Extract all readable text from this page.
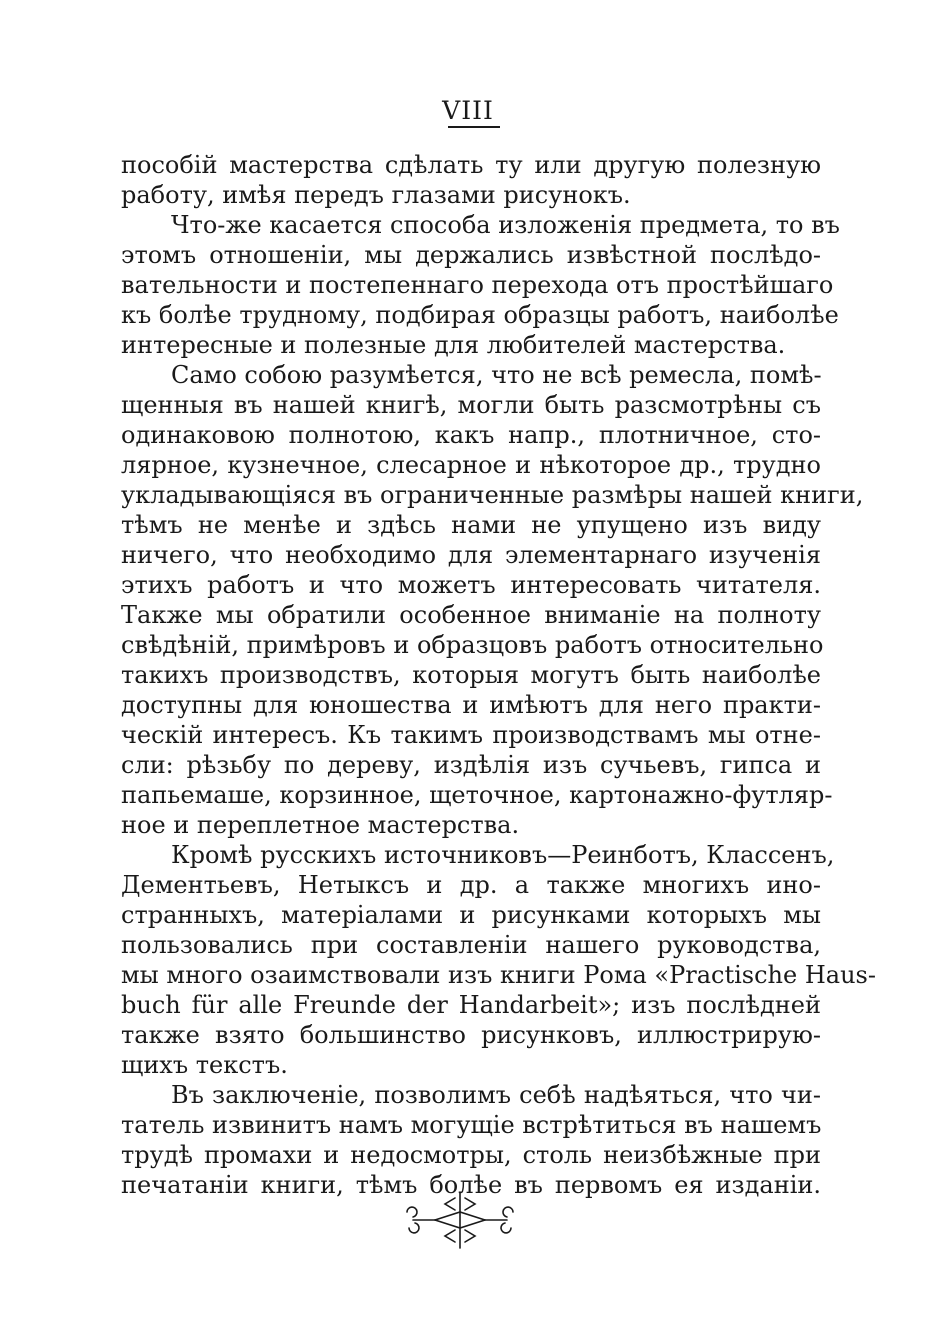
VIII
пособій мастерства сдѣлать ту или другую полезную
работу, имѣя передъ глазами рисунокъ.
Что-же касается способа изложенія предмета, то въ
этомъ отношеніи, мы держались извѣстной послѣдо-
вательности и постепеннаго перехода отъ простѣйшаго
къ болѣе трудному, подбирая образцы работъ, наиболѣе
интересные и полезные для любителей мастерства.
Само собою разумѣется, что не всѣ ремесла, помѣ-
щенныя въ нашей книгѣ, могли быть разсмотрѣны съ
одинаковою полнотою, какъ напр., плотничное, сто-
лярное, кузнечное, слесарное и нѣкоторое др., трудно
укладывающіяся въ ограниченные размѣры нашей книги,
тѣмъ не менѣе и здѣсь нами не упущено изъ виду
ничего, что необходимо для элементарнаго изученія
этихъ работъ и что можетъ интересовать читателя.
Также мы обратили особенное вниманіе на полноту
свѣдѣній, примѣровъ и образцовъ работъ относительно
такихъ производствъ, которыя могутъ быть наиболѣе
доступны для юношества и имѣютъ для него практи-
ческій интересъ. Къ такимъ производствамъ мы отне-
сли: рѣзьбу по дереву, издѣлія изъ сучьевъ, гипса и
папьемаше, корзинное, щеточное, картонажно-футляр-
ное и переплетное мастерства.
Кромѣ русскихъ источниковъ—Реинботъ, Классенъ,
Дементьевъ, Нетыксъ и др. а также многихъ ино-
странныхъ, матеріалами и рисунками которыхъ мы
пользовались при составленіи нашего руководства,
мы много озаимствовали изъ книги Рома «Practische Haus-
buch für alle Freunde der Handarbeit»; изъ послѣдней
также взято большинство рисунковъ, иллюстрирую-
щихъ текстъ.
Въ заключеніе, позволимъ себѣ надѣяться, что чи-
татель извинитъ намъ могущіе встрѣтиться въ нашемъ
трудѣ промахи и недосмотры, столь неизбѣжные при
печатаніи книги, тѣмъ болѣе въ первомъ ея изданіи.
